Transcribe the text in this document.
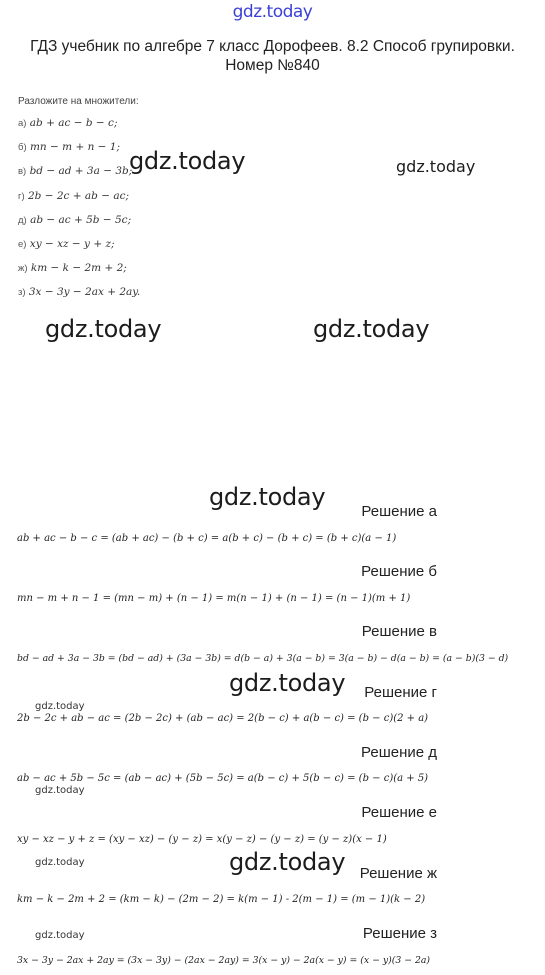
gdz.today
ГДЗ учебник по алгебре 7 класс Дорофеев. 8.2 Способ групировки. Номер №840
Разложите на множители:
а) ab + ac − b − c;
б) mn − m + n − 1;
в) bd − ad + 3a − 3b;
г) 2b − 2c + ab − ac;
д) ab − ac + 5b − 5c;
е) xy − xz − y + z;
ж) km − k − 2m + 2;
з) 3x − 3y − 2ax + 2ay.
gdz.today	gdz.today
gdz.today	gdz.today
gdz.today
gdz.today
gdz.today
gdz.today
gdz.today	gdz.today
gdz.today
Решение а
ab + ac − b − c = (ab + ac) − (b + c) = a(b + c) − (b + c) = (b + c)(a − 1)
Решение б
mn − m + n − 1 = (mn − m) + (n − 1) = m(n − 1) + (n − 1) = (n − 1)(m + 1)
Решение в
bd − ad + 3a − 3b = (bd − ad) + (3a − 3b) = d(b − a) + 3(a − b) = 3(a − b) − d(a − b) = (a − b)(3 − d)
Решение г
2b − 2c + ab − ac = (2b − 2c) + (ab − ac) = 2(b − c) + a(b − c) = (b − c)(2 + a)
Решение д
ab − ac + 5b − 5c = (ab − ac) + (5b − 5c) = a(b − c) + 5(b − c) = (b − c)(a + 5)
Решение е
xy − xz − y + z = (xy − xz) − (y − z) = x(y − z) − (y − z) = (y − z)(x − 1)
Решение ж
km − k − 2m + 2 = (km − k) − (2m − 2) = k(m − 1) - 2(m − 1) = (m − 1)(k − 2)
Решение з
3x − 3y − 2ax + 2ay = (3x − 3y) − (2ax − 2ay) = 3(x − y) − 2a(x − y) = (x − y)(3 − 2a)
